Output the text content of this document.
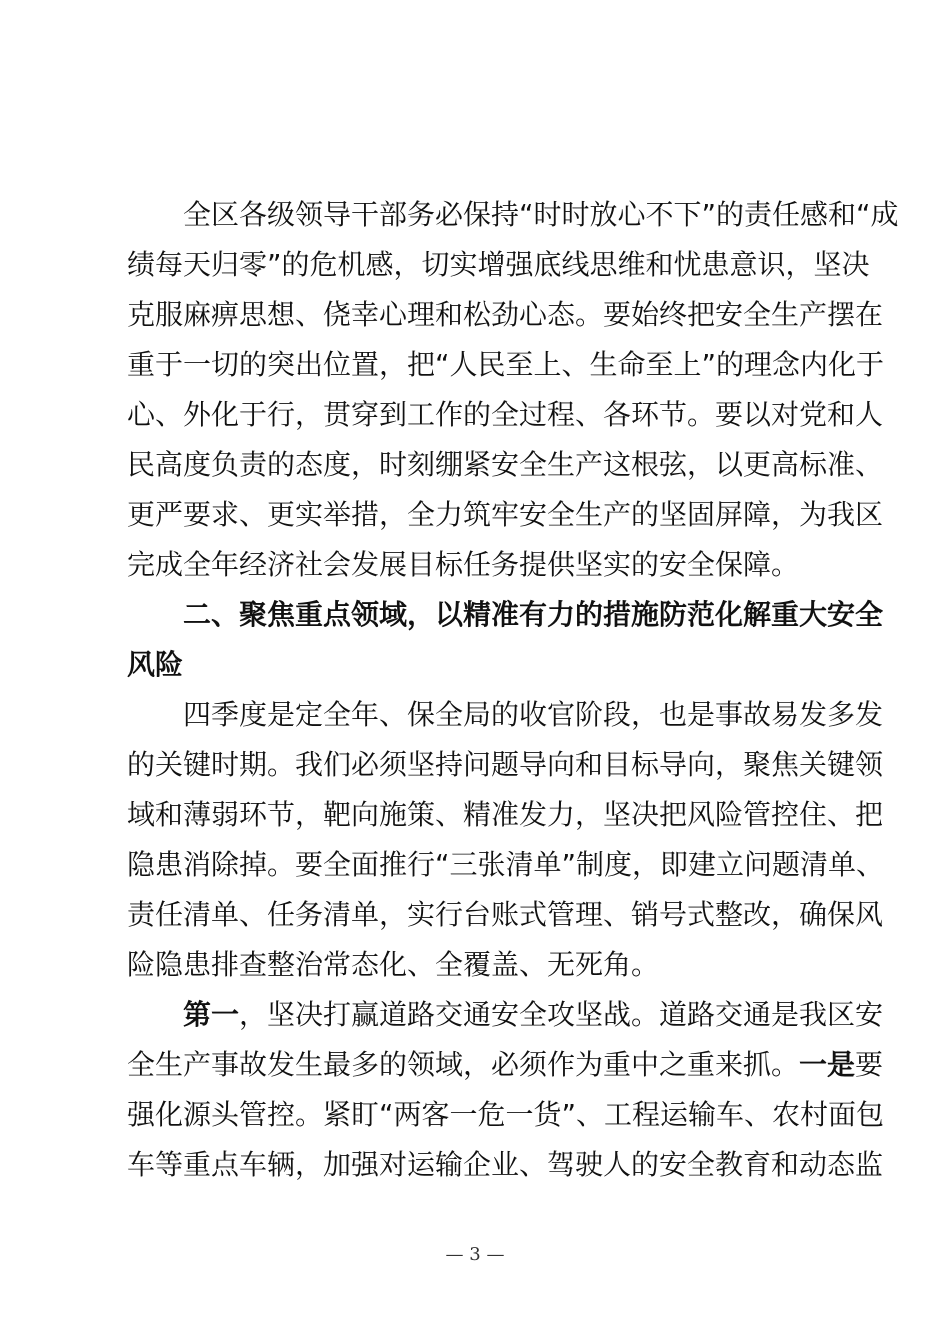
全区各级领导干部务必保持“时时放心不下”的责任感和“成
绩每天归零”的危机感，切实增强底线思维和忧患意识，坚决
克服麻痹思想、侥幸心理和松劲心态。要始终把安全生产摆在
重于一切的突出位置，把“人民至上、生命至上”的理念内化于
心、外化于行，贯穿到工作的全过程、各环节。要以对党和人
民高度负责的态度，时刻绷紧安全生产这根弦，以更高标准、
更严要求、更实举措，全力筑牢安全生产的坚固屏障，为我区
完成全年经济社会发展目标任务提供坚实的安全保障。
二、聚焦重点领域，以精准有力的措施防范化解重大安全
风险
四季度是定全年、保全局的收官阶段，也是事故易发多发
的关键时期。我们必须坚持问题导向和目标导向，聚焦关键领
域和薄弱环节，靶向施策、精准发力，坚决把风险管控住、把
隐患消除掉。要全面推行“三张清单”制度，即建立问题清单、
责任清单、任务清单，实行台账式管理、销号式整改，确保风
险隐患排查整治常态化、全覆盖、无死角。
第一，坚决打赢道路交通安全攻坚战。道路交通是我区安
全生产事故发生最多的领域，必须作为重中之重来抓。一是要
强化源头管控。紧盯“两客一危一货”、工程运输车、农村面包
车等重点车辆，加强对运输企业、驾驶人的安全教育和动态监
— 3 —
